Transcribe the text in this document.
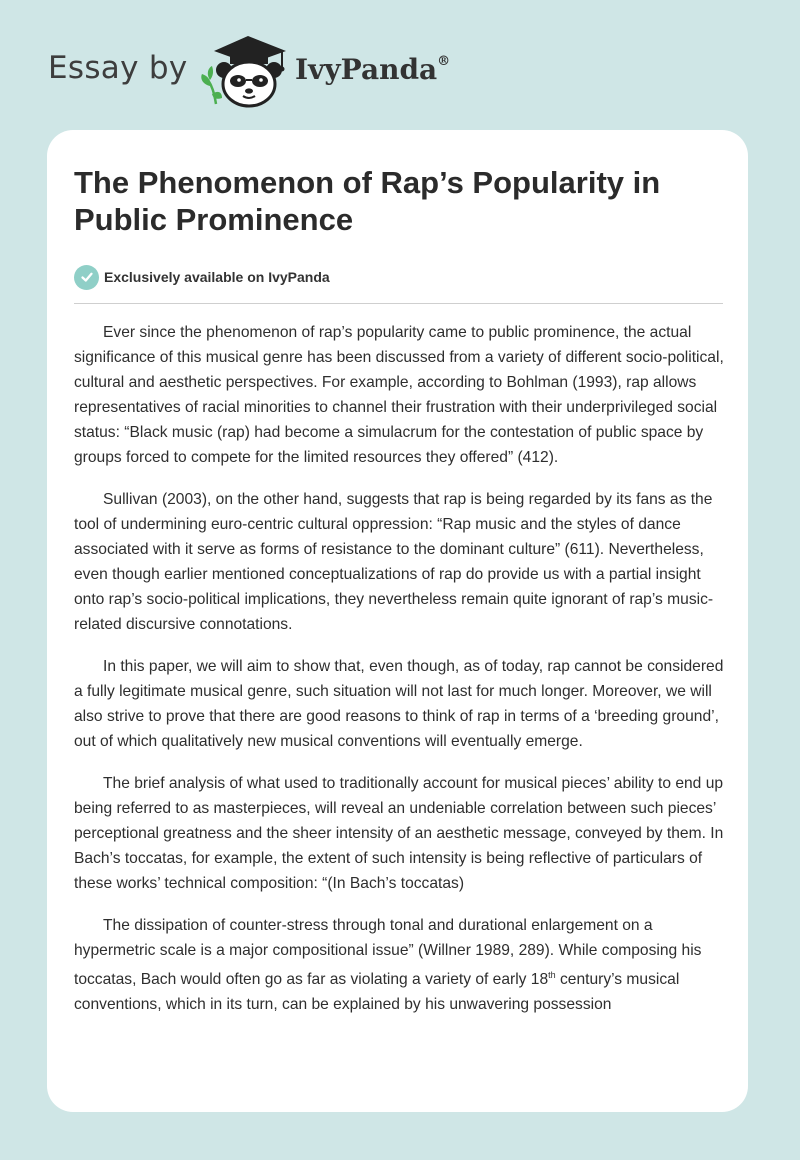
Essay by	IvyPanda®
The Phenomenon of Rap’s Popularity in Public Prominence
Exclusively available on IvyPanda

Ever since the phenomenon of rap’s popularity came to public prominence, the actual significance of this musical genre has been discussed from a variety of different socio-political, cultural and aesthetic perspectives. For example, according to Bohlman (1993), rap allows representatives of racial minorities to channel their frustration with their underprivileged social status: “Black music (rap) had become a simulacrum for the contestation of public space by groups forced to compete for the limited resources they offered” (412).

Sullivan (2003), on the other hand, suggests that rap is being regarded by its fans as the tool of undermining euro-centric cultural oppression: “Rap music and the styles of dance associated with it serve as forms of resistance to the dominant culture” (611). Nevertheless, even though earlier mentioned conceptualizations of rap do provide us with a partial insight onto rap’s socio-political implications, they nevertheless remain quite ignorant of rap’s music-related discursive connotations.

In this paper, we will aim to show that, even though, as of today, rap cannot be considered a fully legitimate musical genre, such situation will not last for much longer. Moreover, we will also strive to prove that there are good reasons to think of rap in terms of a ‘breeding ground’, out of which qualitatively new musical conventions will eventually emerge.

The brief analysis of what used to traditionally account for musical pieces’ ability to end up being referred to as masterpieces, will reveal an undeniable correlation between such pieces’ perceptional greatness and the sheer intensity of an aesthetic message, conveyed by them. In Bach’s toccatas, for example, the extent of such intensity is being reflective of particulars of these works’ technical composition: “(In Bach’s toccatas)

The dissipation of counter-stress through tonal and durational enlargement on a hypermetric scale is a major compositional issue” (Willner 1989, 289). While composing his toccatas, Bach would often go as far as violating a variety of early 18th century’s musical conventions, which in its turn, can be explained by his unwavering possession
